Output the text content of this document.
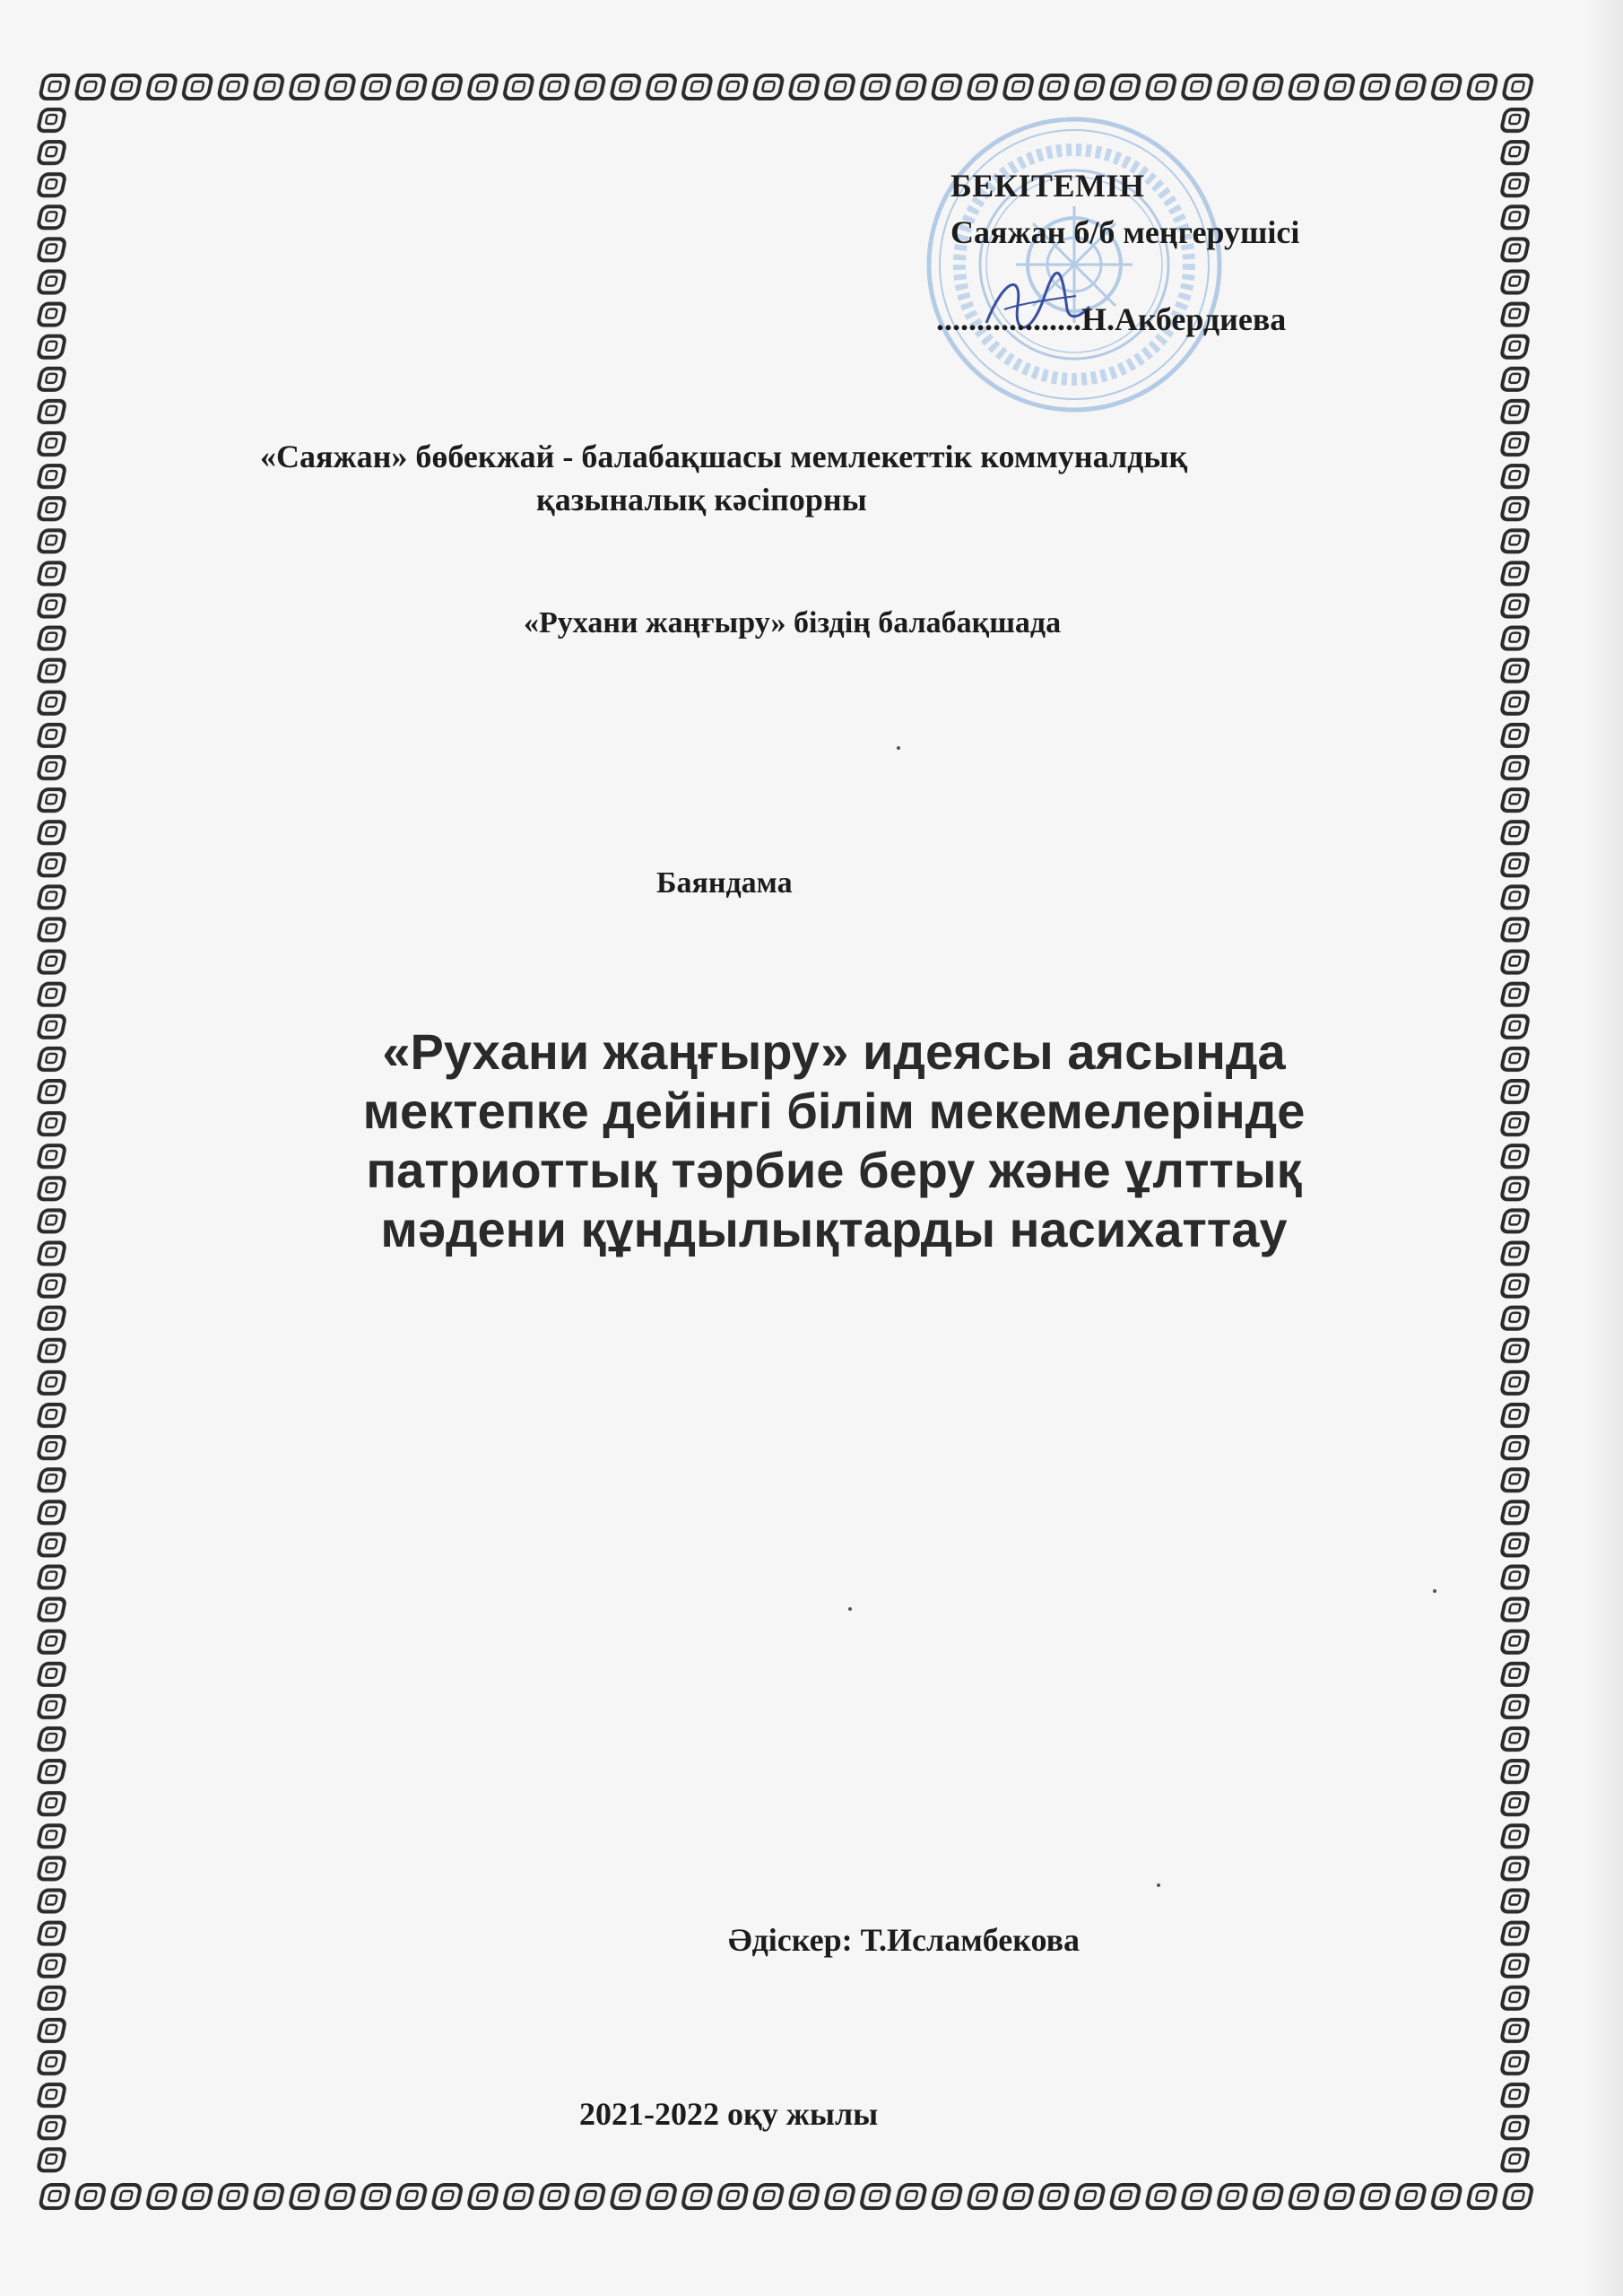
БЕКІТЕМІН
Саяжан б/б меңгерушісі
..................Н.Акбердиева
«Саяжан» бөбекжай - балабақшасы мемлекеттік коммуналдық
қазыналық кәсіпорны
«Рухани жаңғыру» біздің балабақшада
Баяндама
«Рухани жаңғыру» идеясы аясында
мектепке дейінгі білім мекемелерінде
патриоттық тәрбие беру және ұлттық
мәдени құндылықтарды насихаттау
Әдіскер: Т.Исламбекова
2021-2022 оқу жылы
